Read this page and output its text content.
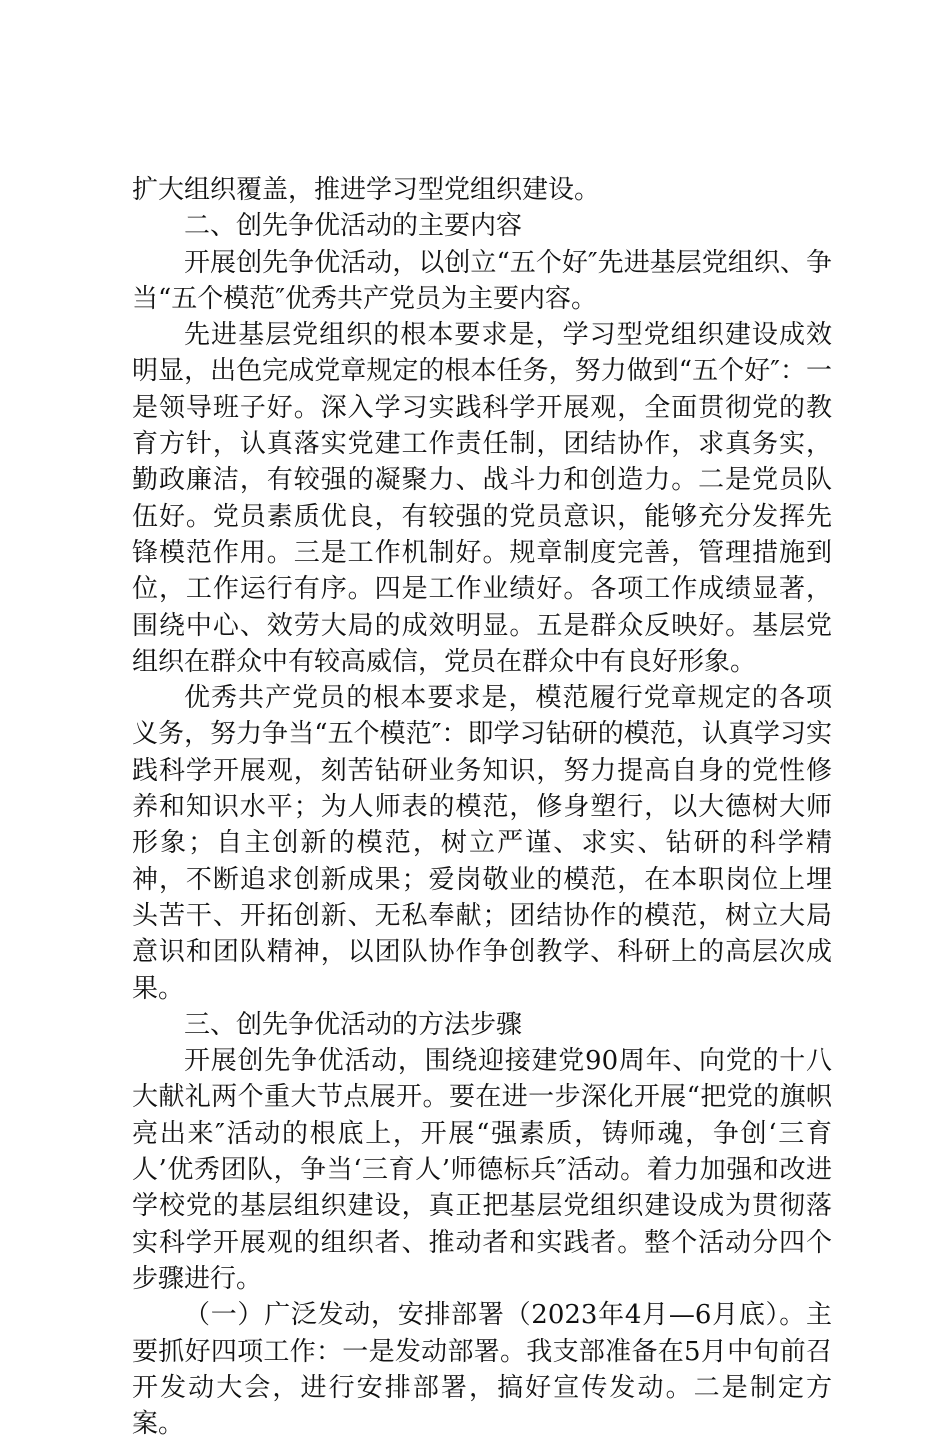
扩大组织覆盖，推进学习型党组织建设。

二、创先争优活动的主要内容

开展创先争优活动，以创立“五个好″先进基层党组织、争当“五个模范″优秀共产党员为主要内容。

先进基层党组织的根本要求是，学习型党组织建设成效明显，出色完成党章规定的根本任务，努力做到“五个好″：一是领导班子好。深入学习实践科学开展观，全面贯彻党的教育方针，认真落实党建工作责任制，团结协作，求真务实，勤政廉洁，有较强的凝聚力、战斗力和创造力。二是党员队伍好。党员素质优良，有较强的党员意识，能够充分发挥先锋模范作用。三是工作机制好。规章制度完善，管理措施到位，工作运行有序。四是工作业绩好。各项工作成绩显著，围绕中心、效劳大局的成效明显。五是群众反映好。基层党组织在群众中有较高威信，党员在群众中有良好形象。

优秀共产党员的根本要求是，模范履行党章规定的各项义务，努力争当“五个模范″：即学习钻研的模范，认真学习实践科学开展观，刻苦钻研业务知识，努力提高自身的党性修养和知识水平；为人师表的模范，修身塑行，以大德树大师形象；自主创新的模范，树立严谨、求实、钻研的科学精神，不断追求创新成果；爱岗敬业的模范，在本职岗位上埋头苦干、开拓创新、无私奉献；团结协作的模范，树立大局意识和团队精神，以团队协作争创教学、科研上的高层次成果。

三、创先争优活动的方法步骤

开展创先争优活动，围绕迎接建党90周年、向党的十八大献礼两个重大节点展开。要在进一步深化开展“把党的旗帜亮出来″活动的根底上，开展“强素质，铸师魂，争创‘三育人’优秀团队，争当‘三育人’师德标兵″活动。着力加强和改进学校党的基层组织建设，真正把基层党组织建设成为贯彻落实科学开展观的组织者、推动者和实践者。整个活动分四个步骤进行。

（一）广泛发动，安排部署（2023年4月—6月底）。主要抓好四项工作：一是发动部署。我支部准备在5月中旬前召开发动大会，进行安排部署，搞好宣传发动。二是制定方案。
